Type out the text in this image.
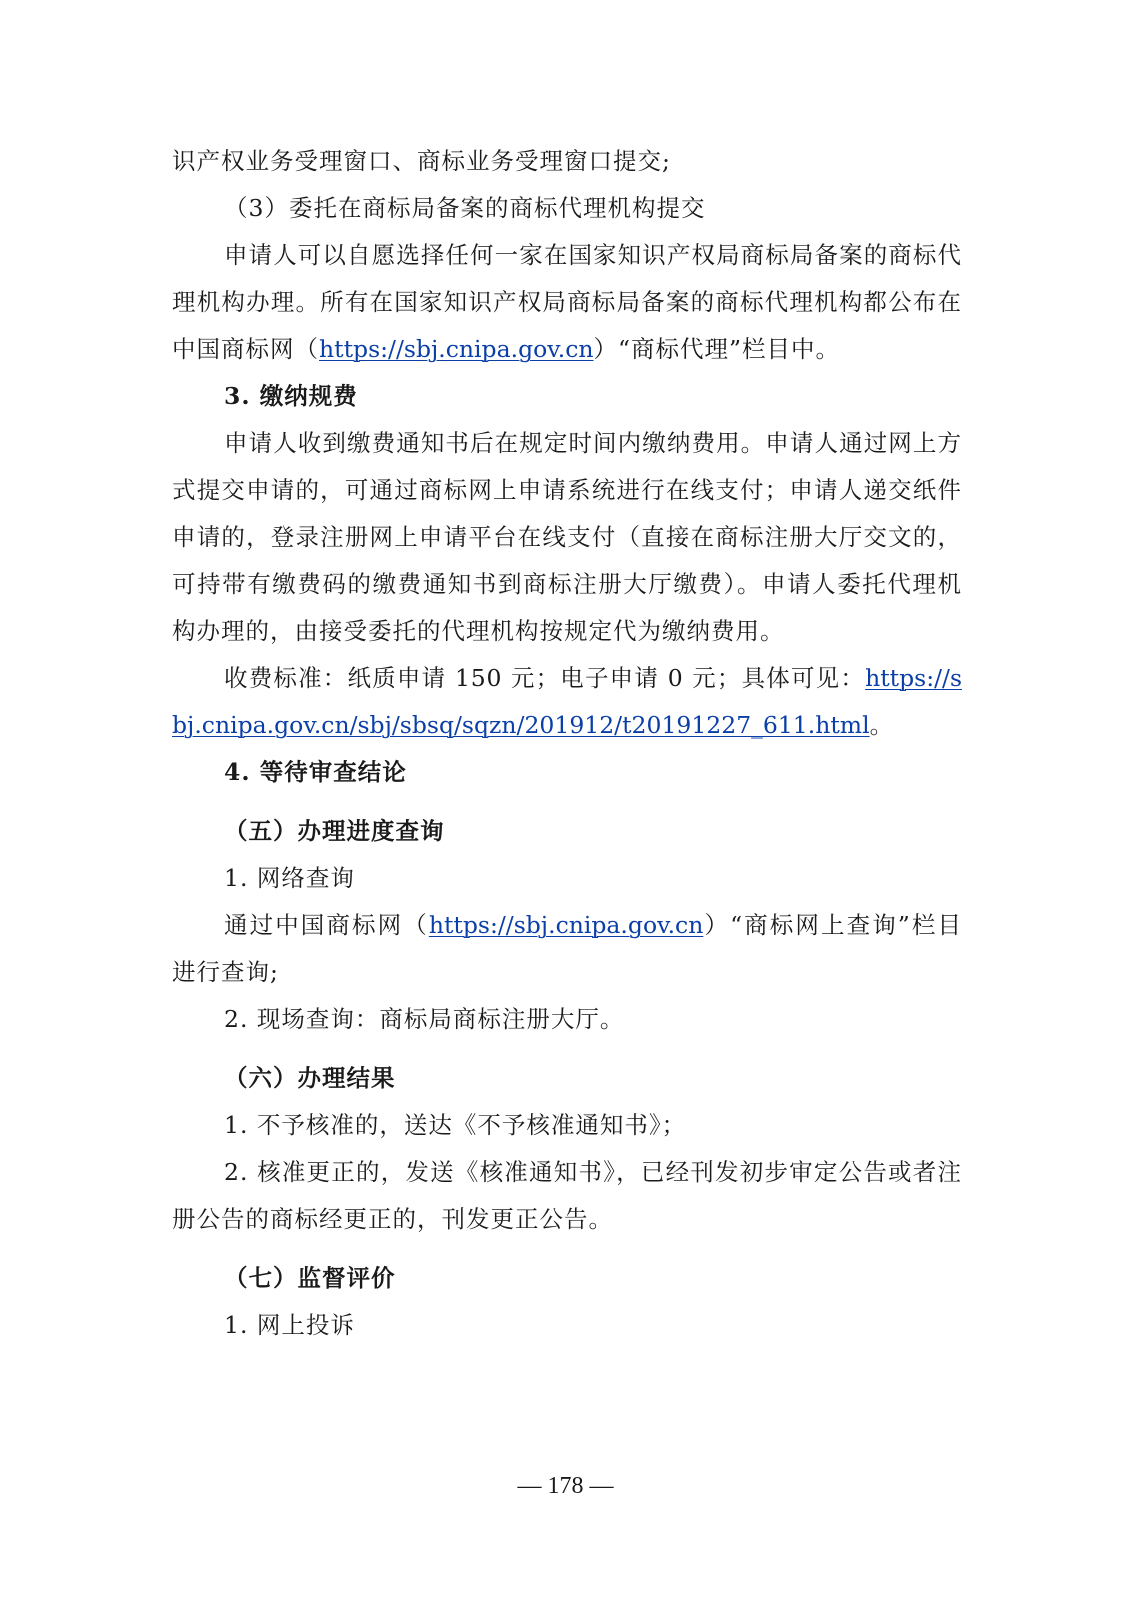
识产权业务受理窗口、商标业务受理窗口提交;

（3）委托在商标局备案的商标代理机构提交

申请人可以自愿选择任何一家在国家知识产权局商标局备案的商标代理机构办理。所有在国家知识产权局商标局备案的商标代理机构都公布在中国商标网（https://sbj.cnipa.gov.cn）“商标代理”栏目中。

3. 缴纳规费

申请人收到缴费通知书后在规定时间内缴纳费用。申请人通过网上方式提交申请的，可通过商标网上申请系统进行在线支付；申请人递交纸件申请的，登录注册网上申请平台在线支付（直接在商标注册大厅交文的，可持带有缴费码的缴费通知书到商标注册大厅缴费）。申请人委托代理机构办理的，由接受委托的代理机构按规定代为缴纳费用。

收费标准：纸质申请 150 元；电子申请 0 元；具体可见：https://sbj.cnipa.gov.cn/sbj/sbsq/sqzn/201912/t20191227_611.html。

4. 等待审查结论

（五）办理进度查询

1. 网络查询

通过中国商标网（https://sbj.cnipa.gov.cn）“商标网上查询”栏目进行查询;

2. 现场查询：商标局商标注册大厅。

（六）办理结果

1. 不予核准的，送达《不予核准通知书》；

2. 核准更正的，发送《核准通知书》，已经刊发初步审定公告或者注册公告的商标经更正的，刊发更正公告。

（七）监督评价

1. 网上投诉

— 178 —
